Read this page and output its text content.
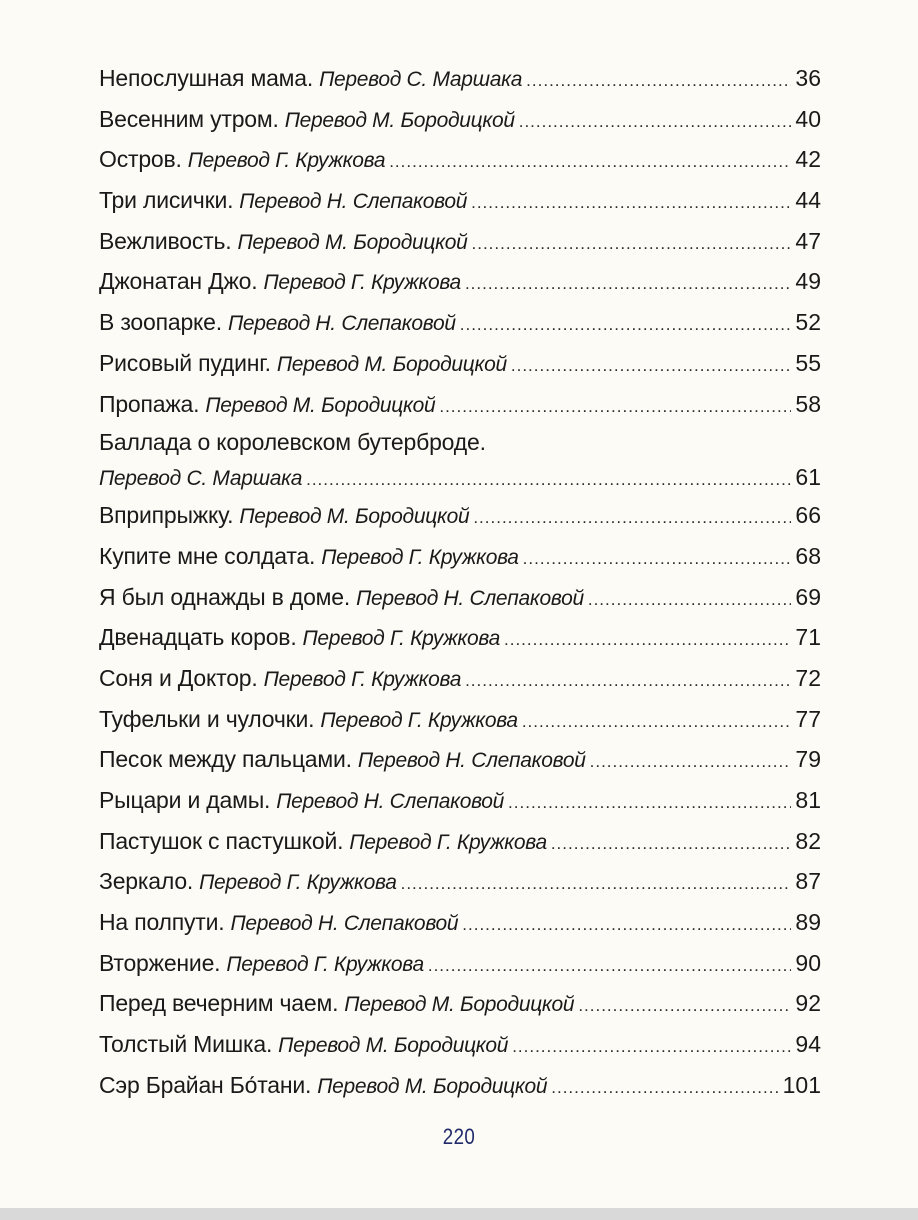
Непослушная мама. Перевод С. Маршака .....	36
Весенним утром. Перевод М. Бородицкой .....	40
Остров. Перевод Г. Кружкова .....	42
Три лисички. Перевод Н. Слепаковой .....	44
Вежливость. Перевод М. Бородицкой .....	47
Джонатан Джо. Перевод Г. Кружкова .....	49
В зоопарке. Перевод Н. Слепаковой .....	52
Рисовый пудинг. Перевод М. Бородицкой .....	55
Пропажа. Перевод М. Бородицкой .....	58
Баллада о королевском бутерброде.
Перевод С. Маршака .....	61
Вприпрыжку. Перевод М. Бородицкой .....	66
Купите мне солдата. Перевод Г. Кружкова .....	68
Я был однажды в доме. Перевод Н. Слепаковой .....	69
Двенадцать коров. Перевод Г. Кружкова .....	71
Соня и Доктор. Перевод Г. Кружкова .....	72
Туфельки и чулочки. Перевод Г. Кружкова .....	77
Песок между пальцами. Перевод Н. Слепаковой .....	79
Рыцари и дамы. Перевод Н. Слепаковой .....	81
Пастушок с пастушкой. Перевод Г. Кружкова .....	82
Зеркало. Перевод Г. Кружкова .....	87
На полпути. Перевод Н. Слепаковой .....	89
Вторжение. Перевод Г. Кружкова .....	90
Перед вечерним чаем. Перевод М. Бородицкой .....	92
Толстый Мишка. Перевод М. Бородицкой .....	94
Сэр Брайан Бо́тани. Перевод М. Бородицкой .....	101
220
